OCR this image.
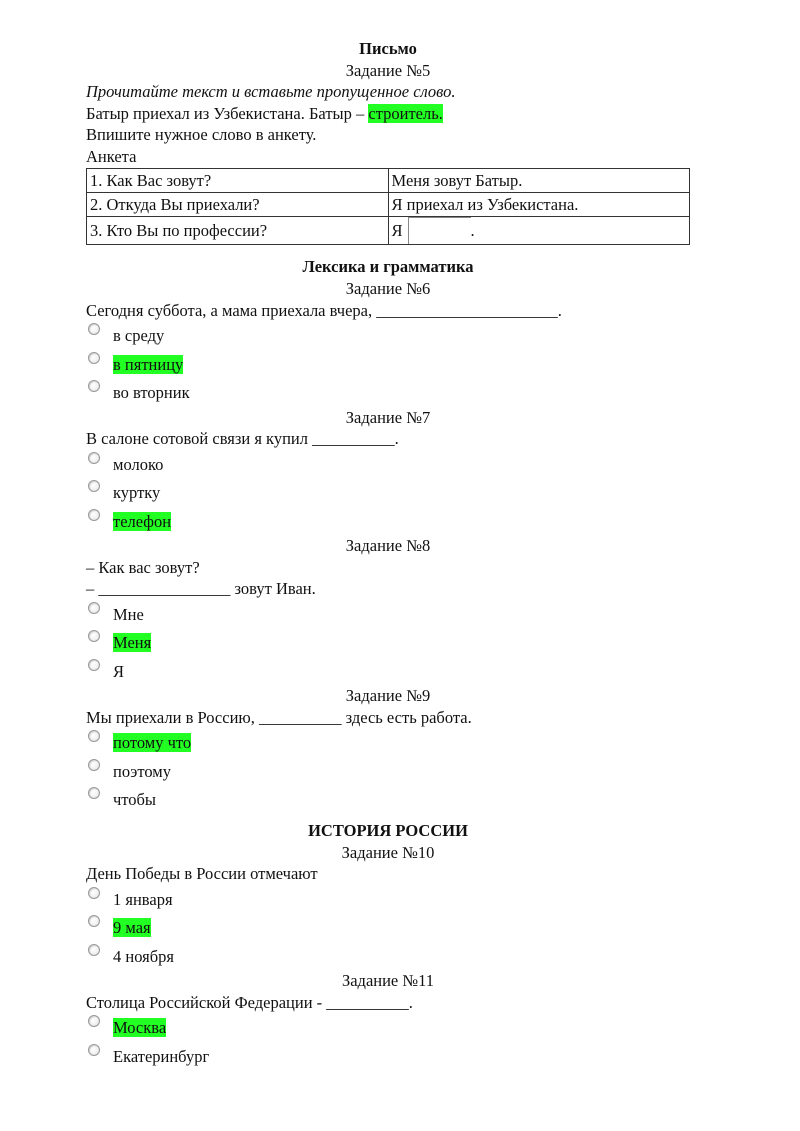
Письмо
Задание №5
Прочитайте текст и вставьте пропущенное слово.
Батыр приехал из Узбекистана. Батыр – строитель.
Впишите нужное слово в анкету.
Анкета
1. Как Вас зовут?	Меня зовут Батыр.
2. Откуда Вы приехали?	Я приехал из Узбекистана.
3. Кто Вы по профессии?	Я .
Лексика и грамматика
Задание №6
Сегодня суббота, а мама приехала вчера, ______________________.
в среду
в пятницу
во вторник
Задание №7
В салоне сотовой связи я купил __________.
молоко
куртку
телефон
Задание №8
– Как вас зовут?
– ________________ зовут Иван.
Мне
Меня
Я
Задание №9
Мы приехали в Россию, __________ здесь есть работа.
потому что
поэтому
чтобы
ИСТОРИЯ РОССИИ
Задание №10
День Победы в России отмечают
1 января
9 мая
4 ноября
Задание №11
Столица Российской Федерации - __________.
Москва
Екатеринбург
